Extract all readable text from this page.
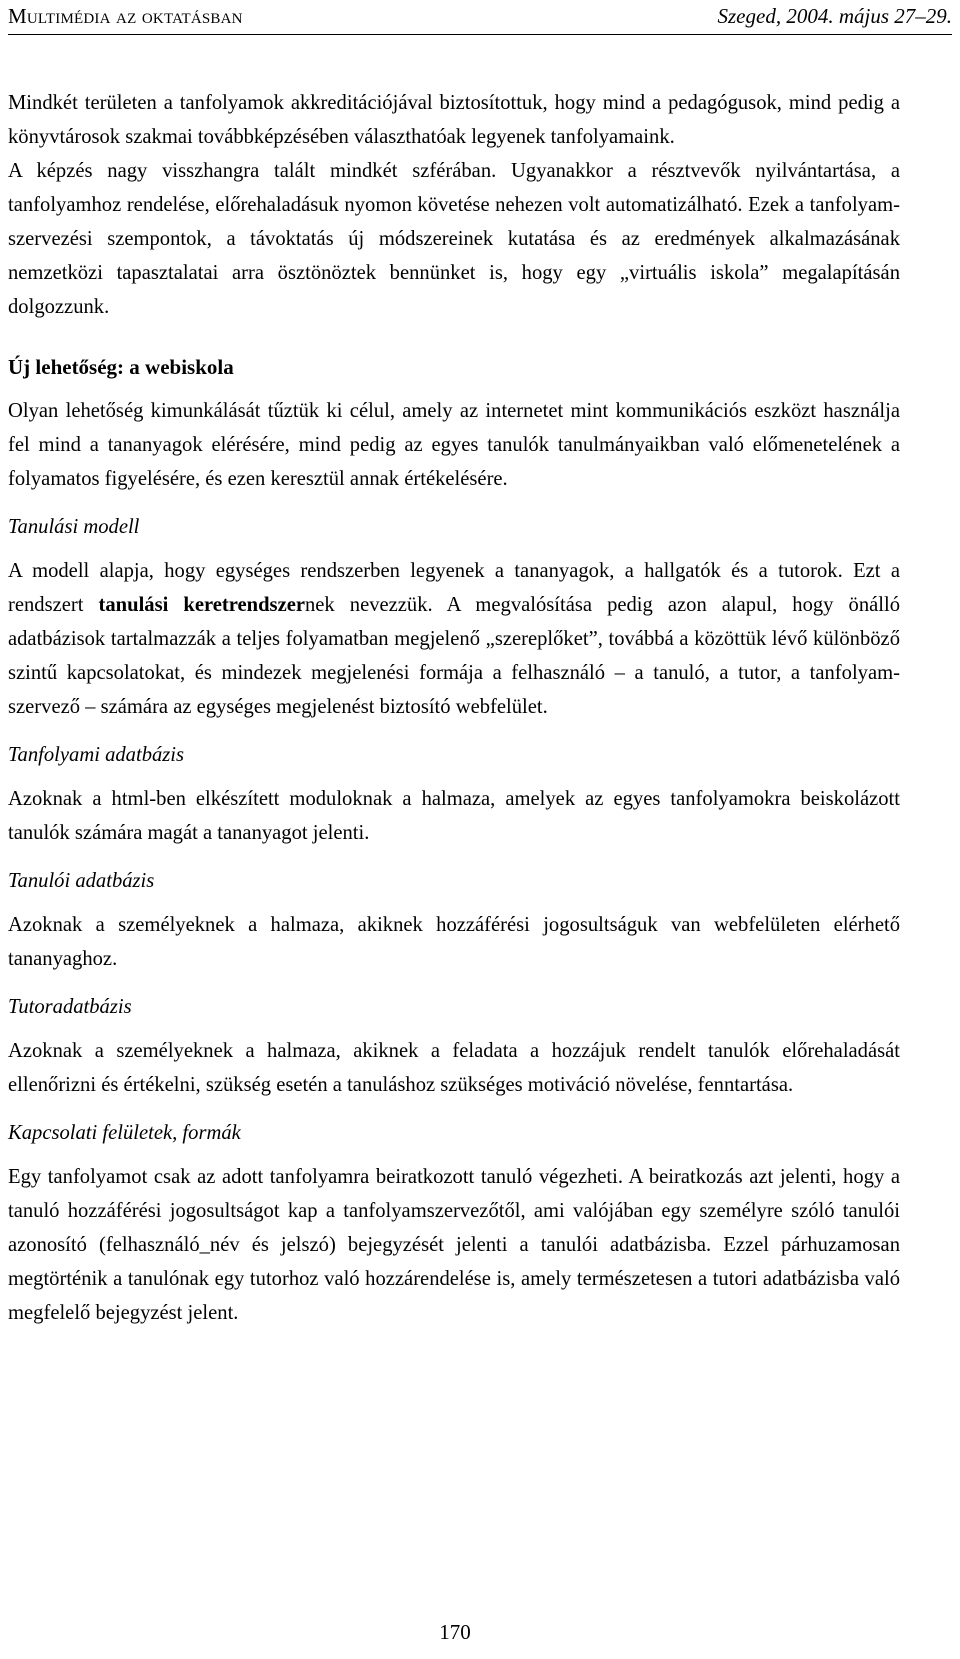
Multimédia az oktatásban	Szeged, 2004. május 27–29.

Mindkét területen a tanfolyamok akkreditációjával biztosítottuk, hogy mind a pedagógusok, mind pedig a könyvtárosok szakmai továbbképzésében választhatóak legyenek tanfolyamaink.

A képzés nagy visszhangra talált mindkét szférában. Ugyanakkor a résztvevők nyilvántartása, a tanfolyamhoz rendelése, előrehaladásuk nyomon követése nehezen volt automatizálható. Ezek a tanfolyam-szervezési szempontok, a távoktatás új módszereinek kutatása és az eredmények alkalmazásának nemzetközi tapasztalatai arra ösztönöztek bennünket is, hogy egy „virtuális iskola” megalapításán dolgozzunk.

Új lehetőség: a webiskola

Olyan lehetőség kimunkálását tűztük ki célul, amely az internetet mint kommunikációs eszközt használja fel mind a tananyagok elérésére, mind pedig az egyes tanulók tanulmányaikban való előmenetelének a folyamatos figyelésére, és ezen keresztül annak értékelésére.

Tanulási modell

A modell alapja, hogy egységes rendszerben legyenek a tananyagok, a hallgatók és a tutorok. Ezt a rendszert tanulási keretrendszernek nevezzük. A megvalósítása pedig azon alapul, hogy önálló adatbázisok tartalmazzák a teljes folyamatban megjelenő „szereplőket”, továbbá a közöttük lévő különböző szintű kapcsolatokat, és mindezek megjelenési formája a felhasználó – a tanuló, a tutor, a tanfolyamszervező – számára az egységes megjelenést biztosító webfelület.

Tanfolyami adatbázis

Azoknak a html-ben elkészített moduloknak a halmaza, amelyek az egyes tanfolyamokra beiskolázott tanulók számára magát a tananyagot jelenti.

Tanulói adatbázis

Azoknak a személyeknek a halmaza, akiknek hozzáférési jogosultságuk van webfelületen elérhető tananyaghoz.

Tutoradatbázis

Azoknak a személyeknek a halmaza, akiknek a feladata a hozzájuk rendelt tanulók előrehaladását ellenőrizni és értékelni, szükség esetén a tanuláshoz szükséges motiváció növelése, fenntartása.

Kapcsolati felületek, formák

Egy tanfolyamot csak az adott tanfolyamra beiratkozott tanuló végezheti. A beiratkozás azt jelenti, hogy a tanuló hozzáférési jogosultságot kap a tanfolyamszervezőtől, ami valójában egy személyre szóló tanulói azonosító (felhasználó_név és jelszó) bejegyzését jelenti a tanulói adatbázisba. Ezzel párhuzamosan megtörténik a tanulónak egy tutorhoz való hozzárendelése is, amely természetesen a tutori adatbázisba való megfelelő bejegyzést jelent.

170
